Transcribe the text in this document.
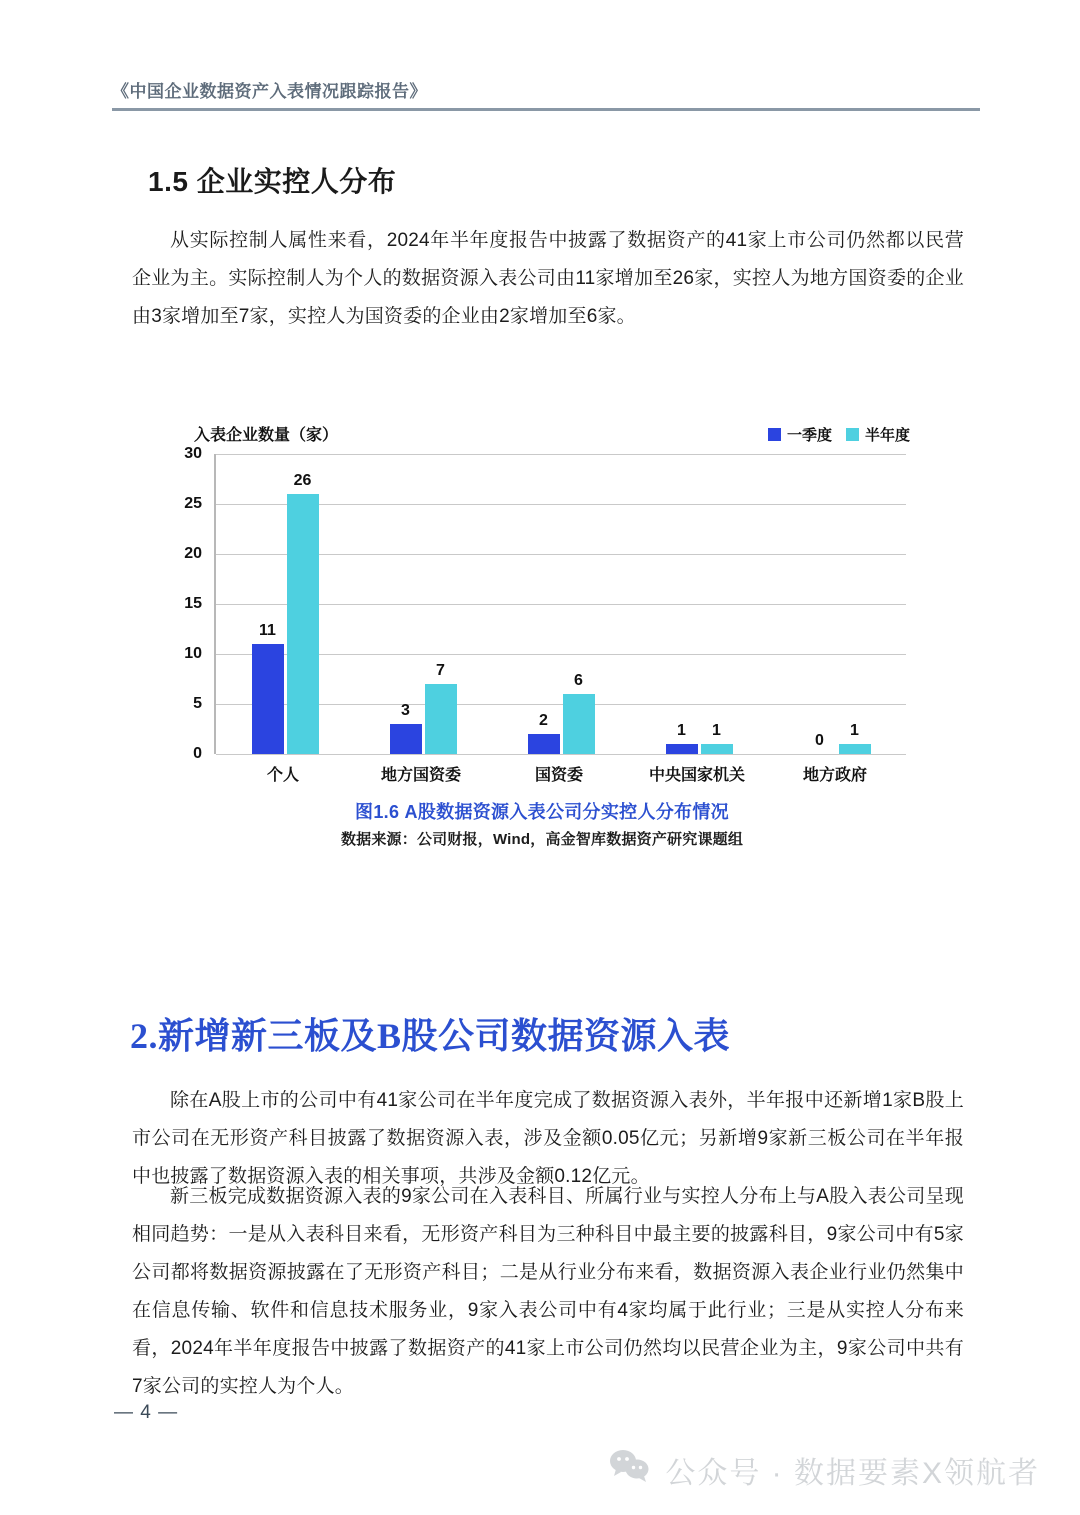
《中国企业数据资产入表情况跟踪报告》
1.5 企业实控人分布
从实际控制人属性来看，2024年半年度报告中披露了数据资产的41家上市公司仍然都以民营企业为主。实际控制人为个人的数据资源入表公司由11家增加至26家，实控人为地方国资委的企业由3家增加至7家，实控人为国资委的企业由2家增加至6家。
入表企业数量（家）	一季度 半年度
30
25
20
15
10
5
0
11
26
3
7
2
6
1 1
0
1
个人	地方国资委	国资委	中央国家机关	地方政府
图1.6 A股数据资源入表公司分实控人分布情况
数据来源：公司财报，Wind，高金智库数据资产研究课题组
2.新增新三板及B股公司数据资源入表
除在A股上市的公司中有41家公司在半年度完成了数据资源入表外，半年报中还新增1家B股上市公司在无形资产科目披露了数据资源入表，涉及金额0.05亿元；另新增9家新三板公司在半年报中也披露了数据资源入表的相关事项，共涉及金额0.12亿元。
新三板完成数据资源入表的9家公司在入表科目、所属行业与实控人分布上与A股入表公司呈现相同趋势：一是从入表科目来看，无形资产科目为三种科目中最主要的披露科目，9家公司中有5家公司都将数据资源披露在了无形资产科目；二是从行业分布来看，数据资源入表企业行业仍然集中在信息传输、软件和信息技术服务业，9家入表公司中有4家均属于此行业；三是从实控人分布来看，2024年半年度报告中披露了数据资产的41家上市公司仍然均以民营企业为主，9家公司中共有7家公司的实控人为个人。
— 4 —
公众号 · 数据要素X领航者
